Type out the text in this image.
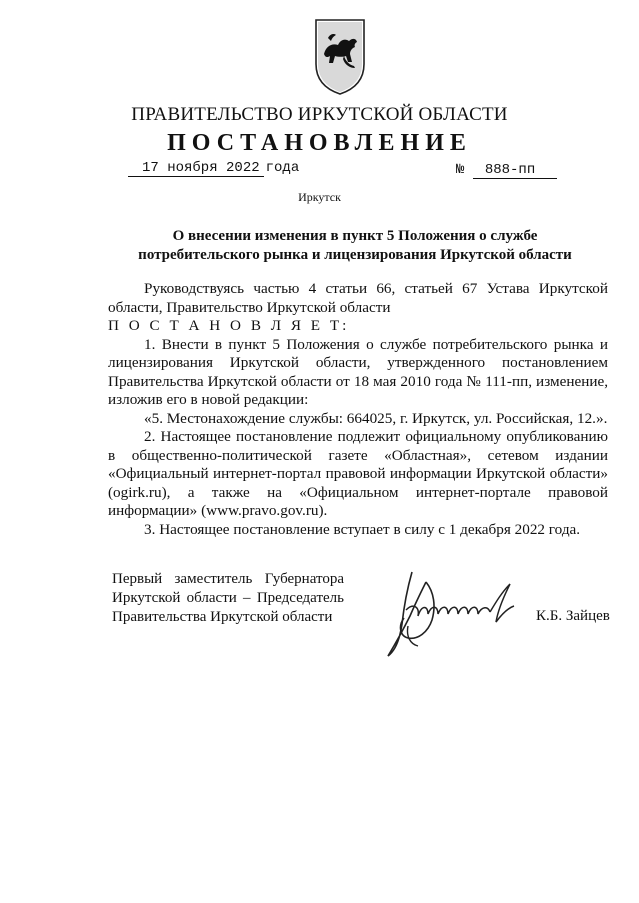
ПРАВИТЕЛЬСТВО ИРКУТСКОЙ ОБЛАСТИ
ПОСТАНОВЛЕНИЕ
17 ноября 2022 года	№ 888-пп
Иркутск
О внесении изменения в пункт 5 Положения о службе потребительского рынка и лицензирования Иркутской области

Руководствуясь частью 4 статьи 66, статьей 67 Устава Иркутской области, Правительство Иркутской области

П О С Т А Н О В Л Я Е Т:

1. Внести в пункт 5 Положения о службе потребительского рынка и лицензирования Иркутской области, утвержденного постановлением Правительства Иркутской области от 18 мая 2010 года № 111-пп, изменение, изложив его в новой редакции:

«5. Местонахождение службы: 664025, г. Иркутск, ул. Российская, 12.».

2. Настоящее постановление подлежит официальному опубликованию в общественно-политической газете «Областная», сетевом издании «Официальный интернет-портал правовой информации Иркутской области» (ogirk.ru), а также на «Официальном интернет-портале правовой информации» (www.pravo.gov.ru).

3. Настоящее постановление вступает в силу с 1 декабря 2022 года.

Первый заместитель Губернатора
Иркутской области – Председатель
Правительства Иркутской области	К.Б. Зайцев
